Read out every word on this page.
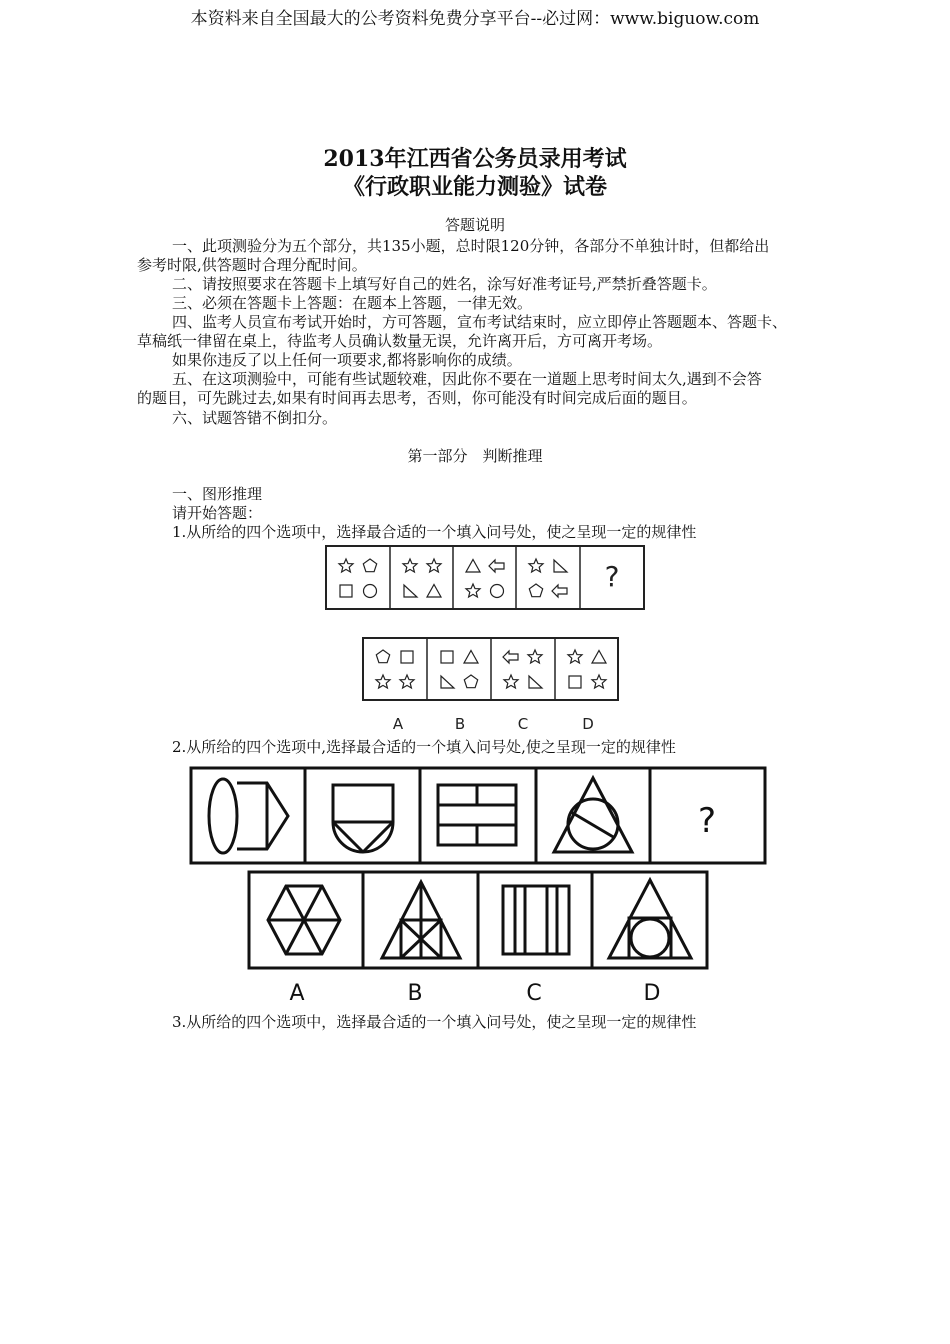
本资料来自全国最大的公考资料免费分享平台--必过网：www.biguow.com
2013年江西省公务员录用考试
《行政职业能力测验》试卷
答题说明
一、此项测验分为五个部分，共135小题，总时限120分钟，各部分不单独计时，但都给出
参考时限,供答题时合理分配时间。
二、请按照要求在答题卡上填写好自己的姓名，涂写好准考证号,严禁折叠答题卡。
三、必须在答题卡上答题：在题本上答题，一律无效。
四、监考人员宣布考试开始时，方可答题，宣布考试结束时，应立即停止答题题本、答题卡、
草稿纸一律留在桌上，待监考人员确认数量无误，允许离开后，方可离开考场。
如果你违反了以上任何一项要求,都将影响你的成绩。
五、在这项测验中，可能有些试题较难，因此你不要在一道题上思考时间太久,遇到不会答
的题目，可先跳过去,如果有时间再去思考，否则，你可能没有时间完成后面的题目。
六、试题答错不倒扣分。
第一部分　判断推理
一、图形推理
请开始答题：
1.从所给的四个选项中，选择最合适的一个填入问号处，使之呈现一定的规律性
?
A	B	C	D
2.从所给的四个选项中,选择最合适的一个填入问号处,使之呈现一定的规律性
?
A	B	C	D
3.从所给的四个选项中，选择最合适的一个填入问号处，使之呈现一定的规律性
